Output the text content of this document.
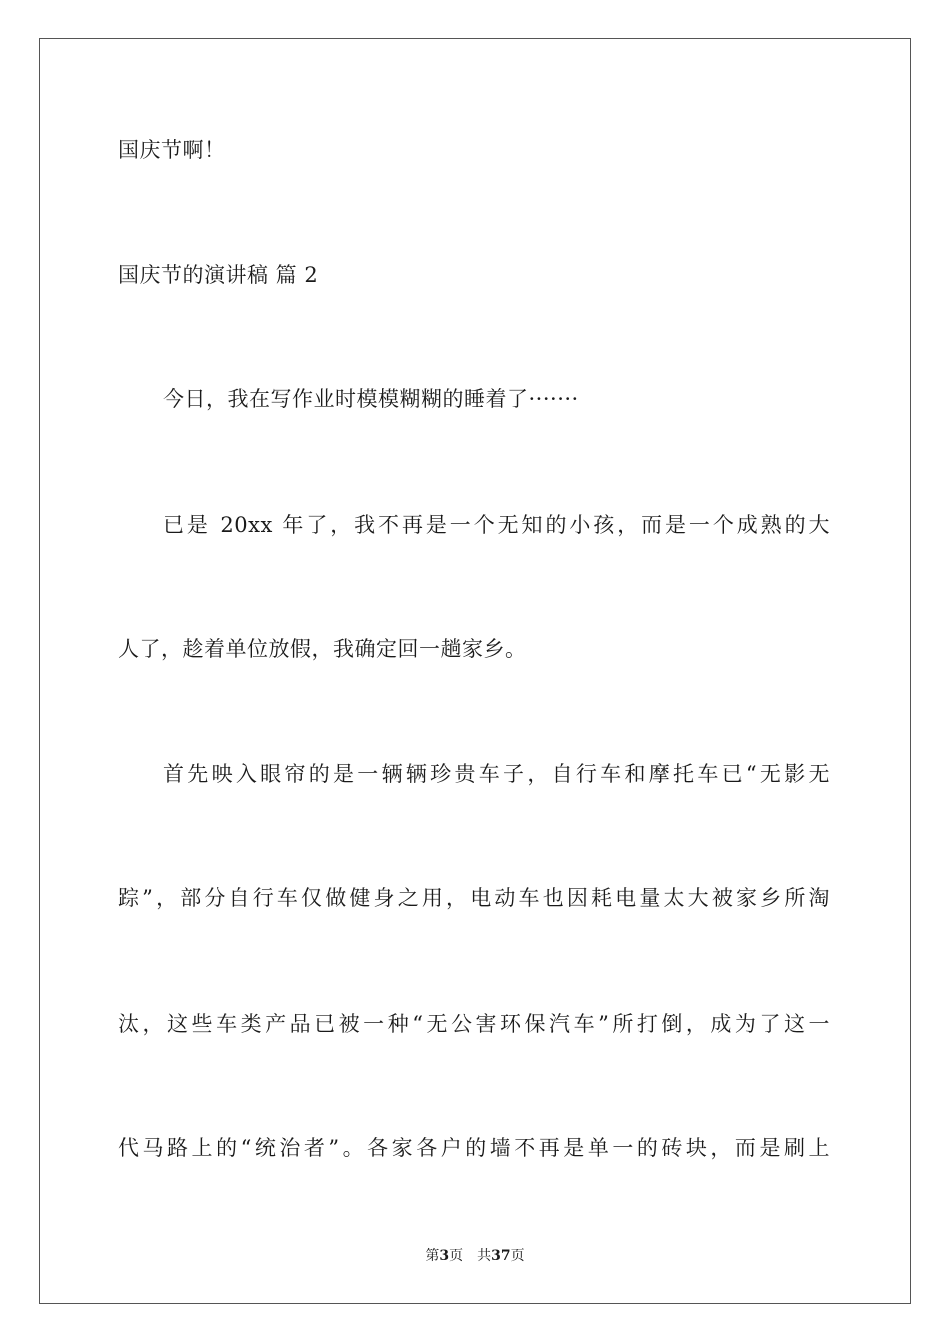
国庆节啊！
国庆节的演讲稿 篇 2
今日，我在写作业时模模糊糊的睡着了·······
已是 20xx 年了，我不再是一个无知的小孩，而是一个成熟的大
人了，趁着单位放假，我确定回一趟家乡。
首先映入眼帘的是一辆辆珍贵车子，自行车和摩托车已“无影无
踪”，部分自行车仅做健身之用，电动车也因耗电量太大被家乡所淘
汰，这些车类产品已被一种“无公害环保汽车”所打倒，成为了这一
代马路上的“统治者”。各家各户的墙不再是单一的砖块，而是刷上
第3页 共37页
